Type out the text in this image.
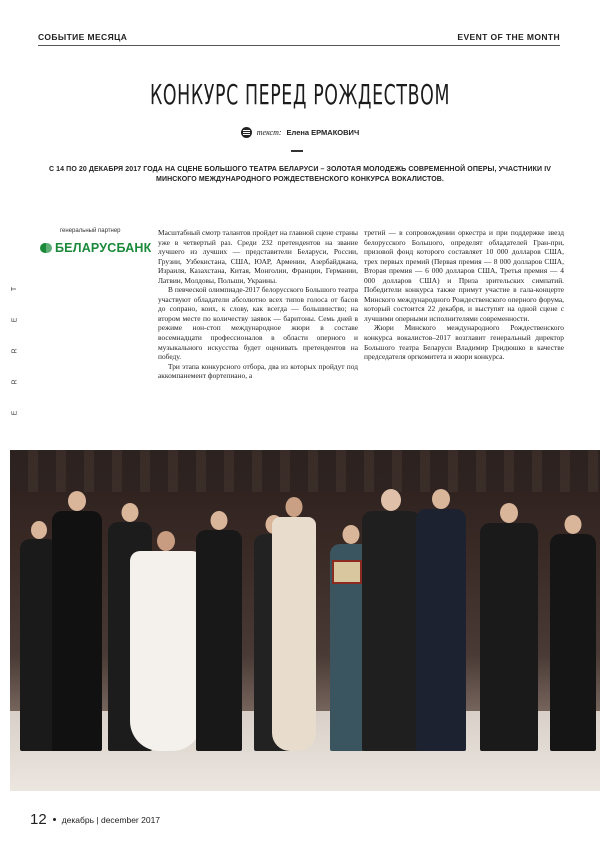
СОБЫТИЕ МЕСЯЦА	EVENT OF THE MONTH
КОНКУРС ПЕРЕД РОЖДЕСТВОМ
текст: Елена ЕРМАКОВИЧ
С 14 ПО 20 ДЕКАБРЯ 2017 ГОДА НА СЦЕНЕ БОЛЬШОГО ТЕАТРА БЕЛАРУСИ – ЗОЛОТАЯ МОЛОДЕЖЬ СОВРЕМЕННОЙ ОПЕРЫ, УЧАСТНИКИ IV МИНСКОГО МЕЖДУНАРОДНОГО РОЖДЕСТВЕНСКОГО КОНКУРСА ВОКАЛИСТОВ.
генеральный партнер
БЕЛАРУСБАНК
T
E
R
R
E

Масштабный смотр талантов пройдет на главной сцене страны уже в четвертый раз. Среди 232 претендентов на звание лучшего из лучших — представители Беларуси, России, Грузии, Узбекистана, США, ЮАР, Армении, Азербайджана, Израиля, Казахстана, Китая, Монголии, Франции, Германии, Латвии, Молдовы, Польши, Украины.

В певческой олимпиаде-2017 белорусского Большого театра участвуют обладатели абсолютно всех типов голоса от басов до сопрано, коих, к слову, как всегда — большинство; на втором месте по количеству заявок — баритоны. Семь дней в режиме нон-стоп международное жюри в составе восемнадцати профессионалов в области оперного и музыкального искусства будет оценивать претендентов на победу.

Три этапа конкурсного отбора, два из которых пройдут под аккомпанемент фортепиано, а

третий — в сопровождении оркестра и при поддержке звезд белорусского Большого, определят обладателей Гран-при, призовой фонд которого составляет 10 000 долларов США, трех первых премий (Первая премия — 8 000 долларов США, Вторая премия — 6 000 долларов США, Третья премия — 4 000 долларов США) и Приза зрительских симпатий. Победители конкурса также примут участие в гала-концерте Минского международного Рождественского оперного форума, который состоится 22 декабря, и выступят на одной сцене с лучшими оперными исполнителями современности.

Жюри Минского международного Рождественского конкурса вокалистов–2017 возглавит генеральный директор Большого театра Беларуси Владимир Гридюшко в качестве председателя оргкомитета и жюри конкурса.

12 декабрь | december 2017
